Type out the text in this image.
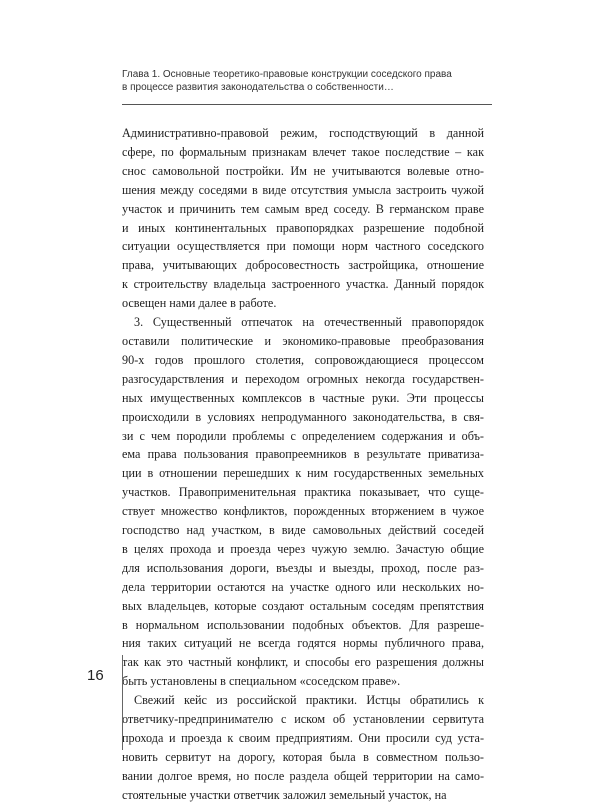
Глава 1. Основные теоретико-правовые конструкции соседского права
в процессе развития законодательства о собственности…
Административно-правовой режим, господствующий в данной
сфере, по формальным признакам влечет такое последствие – как
снос самовольной постройки. Им не учитываются волевые отно-
шения между соседями в виде отсутствия умысла застроить чужой
участок и причинить тем самым вред соседу. В германском праве
и иных континентальных правопорядках разрешение подобной
ситуации осуществляется при помощи норм частного соседского
права, учитывающих добросовестность застройщика, отношение
к строительству владельца застроенного участка. Данный порядок
освещен нами далее в работе.
3. Существенный отпечаток на отечественный правопорядок
оставили политические и экономико-правовые преобразования
90-х годов прошлого столетия, сопровождающиеся процессом
разгосударствления и переходом огромных некогда государствен-
ных имущественных комплексов в частные руки. Эти процессы
происходили в условиях непродуманного законодательства, в свя-
зи с чем породили проблемы с определением содержания и объ-
ема права пользования правопреемников в результате приватиза-
ции в отношении перешедших к ним государственных земельных
участков. Правоприменительная практика показывает, что суще-
ствует множество конфликтов, порожденных вторжением в чужое
господство над участком, в виде самовольных действий соседей
в целях прохода и проезда через чужую землю. Зачастую общие
для использования дороги, въезды и выезды, проход, после раз-
дела территории остаются на участке одного или нескольких но-
вых владельцев, которые создают остальным соседям препятствия
в нормальном использовании подобных объектов. Для разреше-
ния таких ситуаций не всегда годятся нормы публичного права,
так как это частный конфликт, и способы его разрешения должны
быть установлены в специальном «соседском праве».
Свежий кейс из российской практики. Истцы обратились к
ответчику-предпринимателю с иском об установлении сервитута
прохода и проезда к своим предприятиям. Они просили суд уста-
новить сервитут на дорогу, которая была в совместном пользо-
вании долгое время, но после раздела общей территории на само-
стоятельные участки ответчик заложил земельный участок, на
16
